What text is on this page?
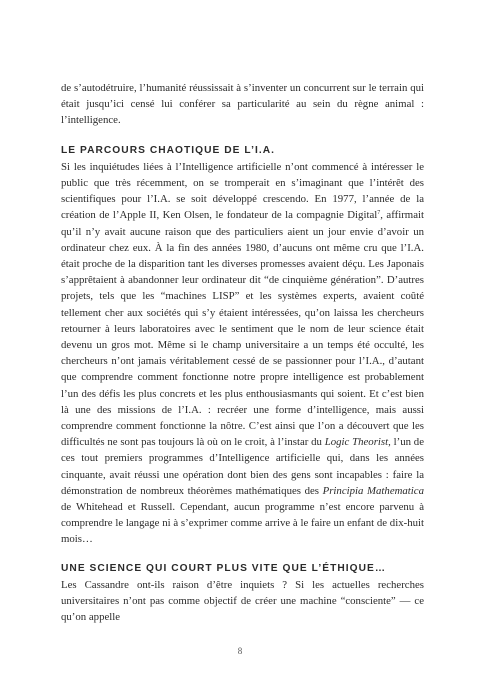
de s’autodétruire, l’humanité réussissait à s’inventer un concurrent sur le terrain qui était jusqu’ici censé lui conférer sa particularité au sein du règne animal : l’intelligence.

LE PARCOURS CHAOTIQUE DE L’I.A.

Si les inquiétudes liées à l’Intelligence artificielle n’ont commencé à intéresser le public que très récemment, on se tromperait en s’imaginant que l’intérêt des scientifiques pour l’I.A. se soit développé crescendo. En 1977, l’année de la création de l’Apple II, Ken Olsen, le fondateur de la compagnie Digital$^7$, affirmait qu’il n’y avait aucune raison que des particuliers aient un jour envie d’avoir un ordinateur chez eux. À la fin des années 1980, d’aucuns ont même cru que l’I.A. était proche de la disparition tant les diverses promesses avaient déçu. Les Japonais s’apprêtaient à abandonner leur ordinateur dit “de cinquième génération”. D’autres projets, tels que les “machines LISP” et les systèmes experts, avaient coûté tellement cher aux sociétés qui s’y étaient intéressées, qu’on laissa les chercheurs retourner à leurs laboratoires avec le sentiment que le nom de leur science était devenu un gros mot. Même si le champ universitaire a un temps été occulté, les chercheurs n’ont jamais véritablement cessé de se passionner pour l’I.A., d’autant que comprendre comment fonctionne notre propre intelligence est probablement l’un des défis les plus concrets et les plus enthousiasmants qui soient. Et c’est bien là une des missions de l’I.A. : recréer une forme d’intelligence, mais aussi comprendre comment fonctionne la nôtre. C’est ainsi que l’on a découvert que les difficultés ne sont pas toujours là où on le croit, à l’instar du Logic Theorist, l’un de ces tout premiers programmes d’Intelligence artificielle qui, dans les années cinquante, avait réussi une opération dont bien des gens sont incapables : faire la démonstration de nombreux théorèmes mathématiques des Principia Mathematica de Whitehead et Russell. Cependant, aucun programme n’est encore parvenu à comprendre le langage ni à s’exprimer comme arrive à le faire un enfant de dix-huit mois…

UNE SCIENCE QUI COURT PLUS VITE QUE L’ÉTHIQUE…

Les Cassandre ont-ils raison d’être inquiets ? Si les actuelles recherches universitaires n’ont pas comme objectif de créer une machine “consciente” — ce qu’on appelle

8
